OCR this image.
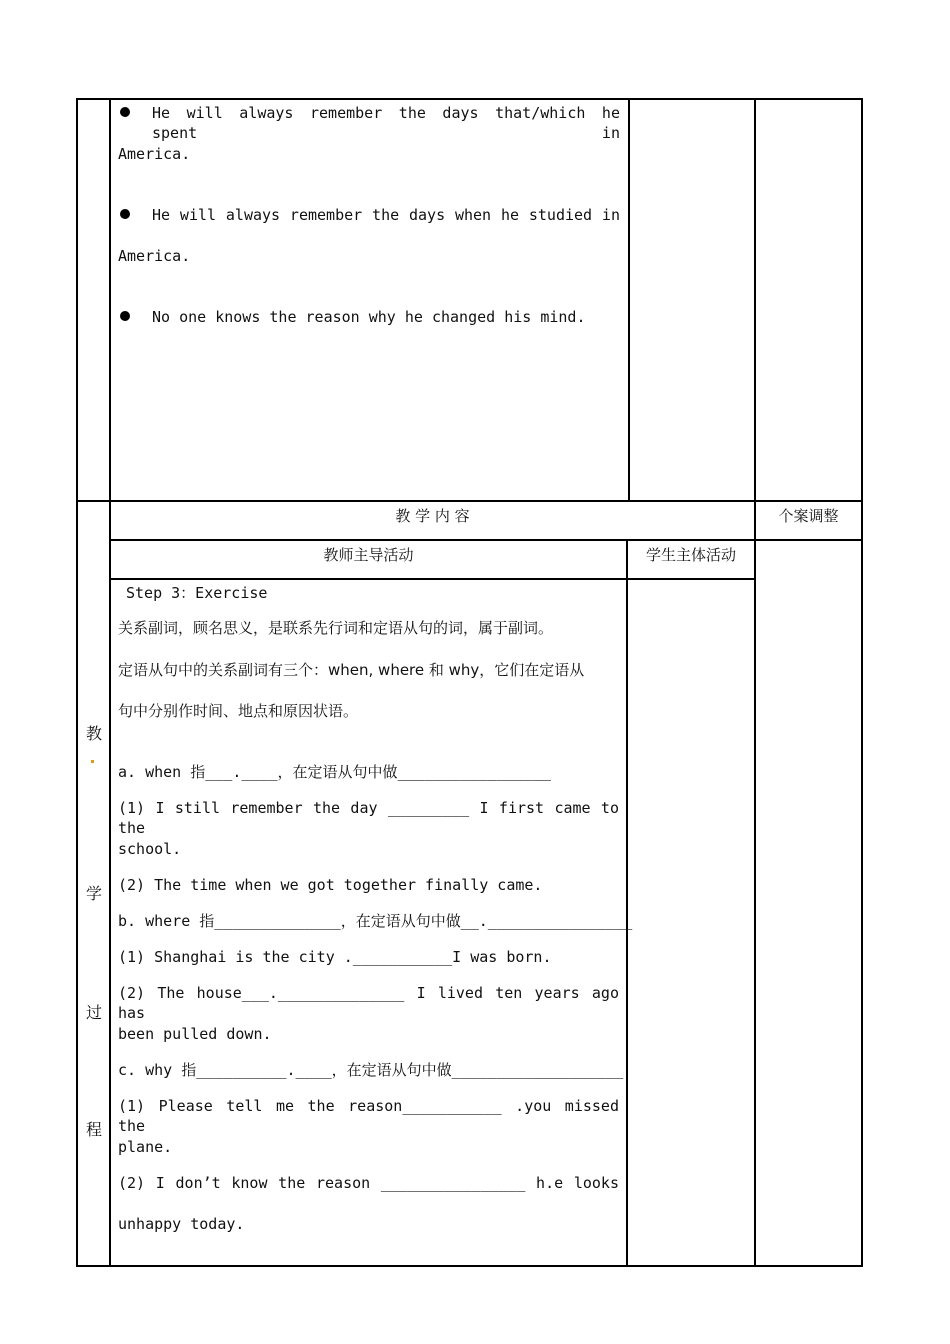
He will always remember the days that/which he spent in
America.
He will always remember the days when he studied in
America.
No one knows the reason why he changed his mind.
教 学 内 容	个案调整
教师主导活动	学生主体活动
教
学
过
程
Step 3：Exercise
关系副词，顾名思义，是联系先行词和定语从句的词，属于副词。
定语从句中的关系副词有三个：when, where 和 why，它们在定语从
句中分别作时间、地点和原因状语。
a. when 指___.____，在定语从句中做_________________
(1) I still remember the day _________ I first came to the
school.
(2) The time when we got together finally came.
b. where 指______________，在定语从句中做__.________________
(1) Shanghai is the city .___________I was born.
(2) The house___.______________ I lived ten years ago has
been pulled down.
c. why 指__________.____，在定语从句中做___________________
(1) Please tell me the reason___________ .you missed the
plane.
(2) I don’t know the reason ________________ h.e looks
unhappy today.
